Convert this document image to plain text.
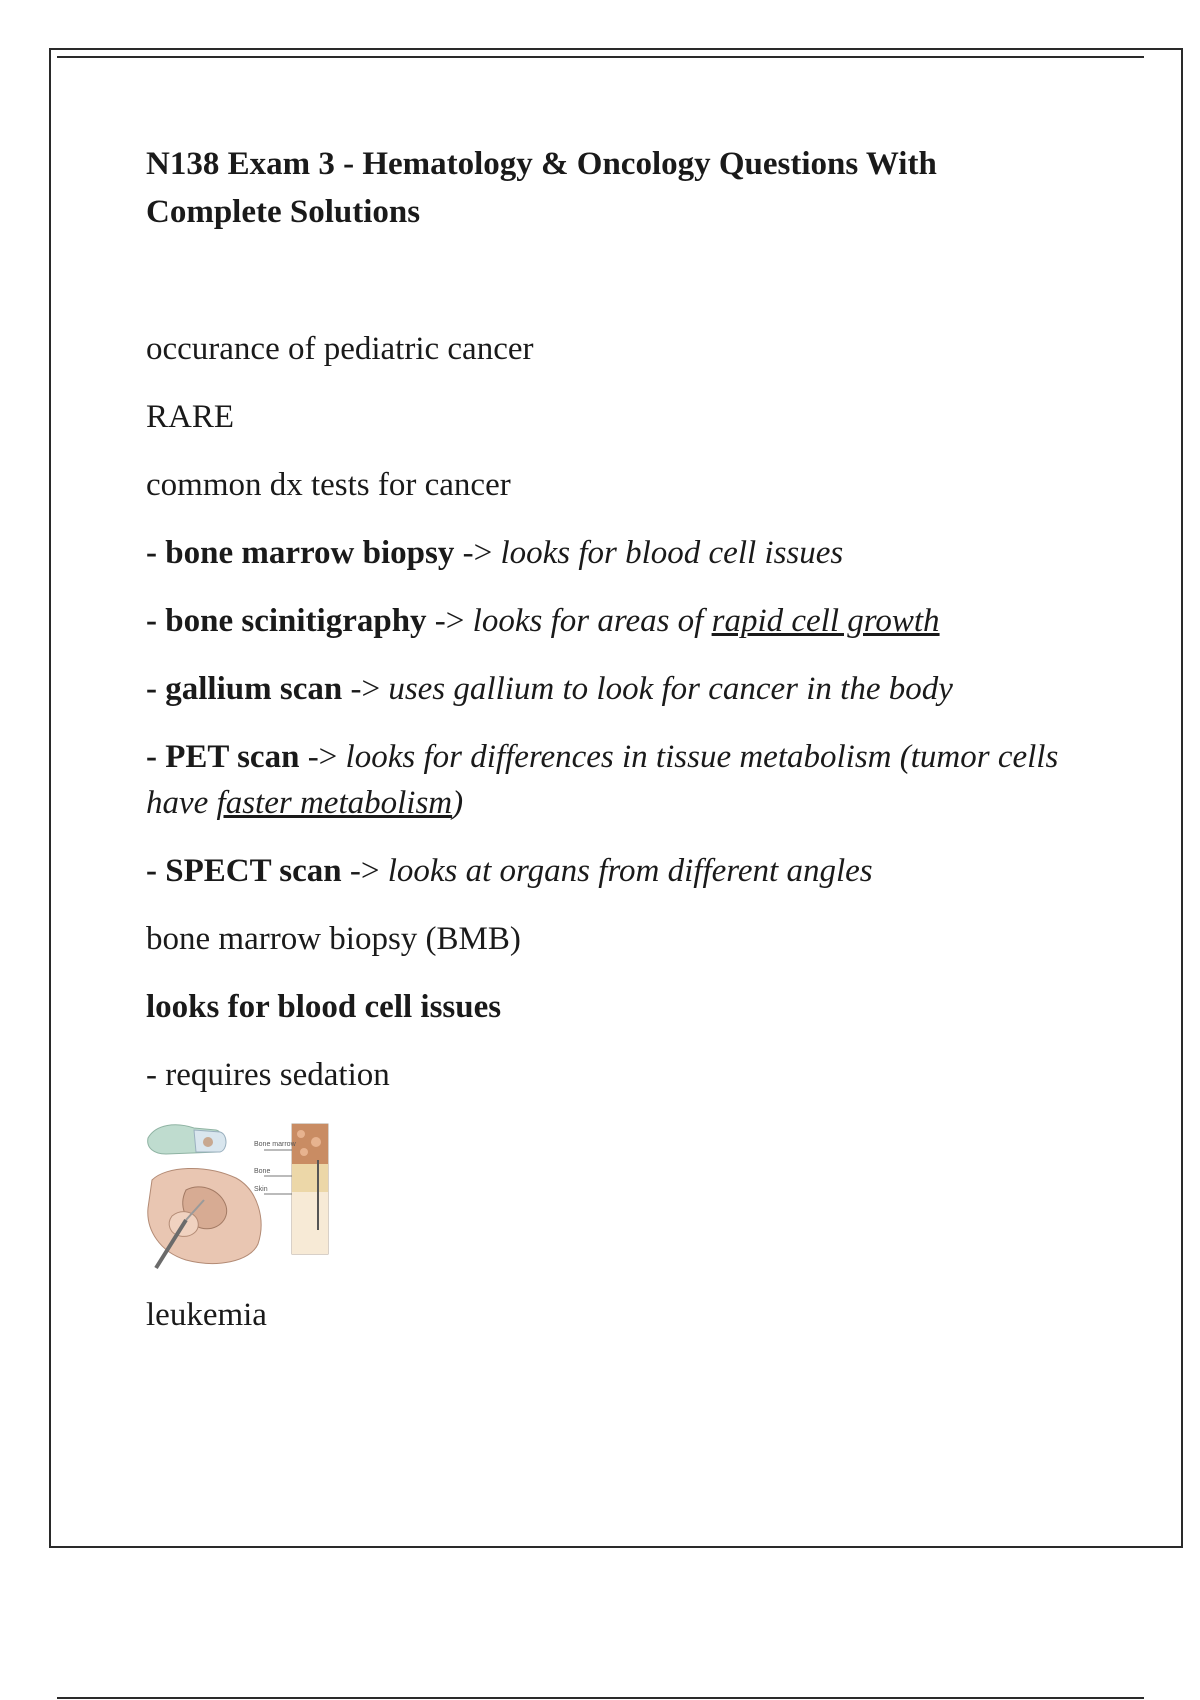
N138 Exam 3 - Hematology & Oncology Questions With Complete Solutions
occurance of pediatric cancer
RARE
common dx tests for cancer
- bone marrow biopsy -> looks for blood cell issues
- bone scinitigraphy -> looks for areas of rapid cell growth
- gallium scan -> uses gallium to look for cancer in the body
- PET scan -> looks for differences in tissue metabolism (tumor cells have faster metabolism)
- SPECT scan -> looks at organs from different angles
bone marrow biopsy (BMB)
looks for blood cell issues
- requires sedation
Bone marrow
Bone
Skin
leukemia
